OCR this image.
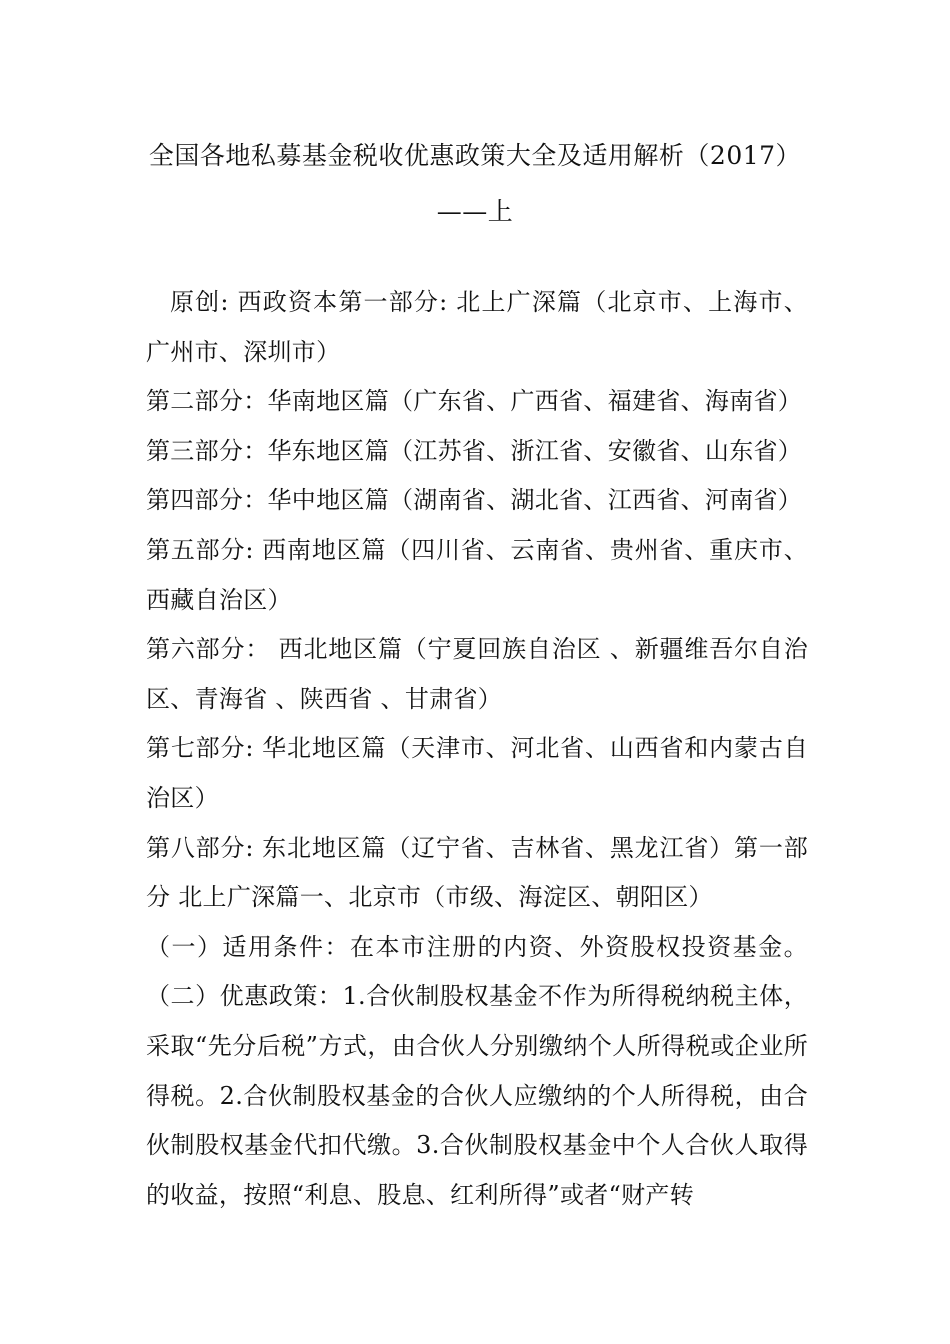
全国各地私募基金税收优惠政策大全及适用解析（2017）
——上

原创: 西政资本第一部分: 北上广深篇（北京市、上海市、广州市、深圳市）

第二部分：华南地区篇（广东省、广西省、福建省、海南省）

第三部分：华东地区篇（江苏省、浙江省、安徽省、山东省）

第四部分：华中地区篇（湖南省、湖北省、江西省、河南省）

第五部分: 西南地区篇（四川省、云南省、贵州省、重庆市、西藏自治区）

第六部分： 西北地区篇（宁夏回族自治区 、新疆维吾尔自治区、青海省 、陕西省 、甘肃省）

第七部分: 华北地区篇（天津市、河北省、山西省和内蒙古自治区）

第八部分: 东北地区篇（辽宁省、吉林省、黑龙江省）第一部分 北上广深篇一、北京市（市级、海淀区、朝阳区）

（一）适用条件：在本市注册的内资、外资股权投资基金。（二）优惠政策：1.合伙制股权基金不作为所得税纳税主体，采取“先分后税”方式，由合伙人分别缴纳个人所得税或企业所得税。2.合伙制股权基金的合伙人应缴纳的个人所得税，由合伙制股权基金代扣代缴。3.合伙制股权基金中个人合伙人取得的收益，按照“利息、股息、红利所得”或者“财产转
